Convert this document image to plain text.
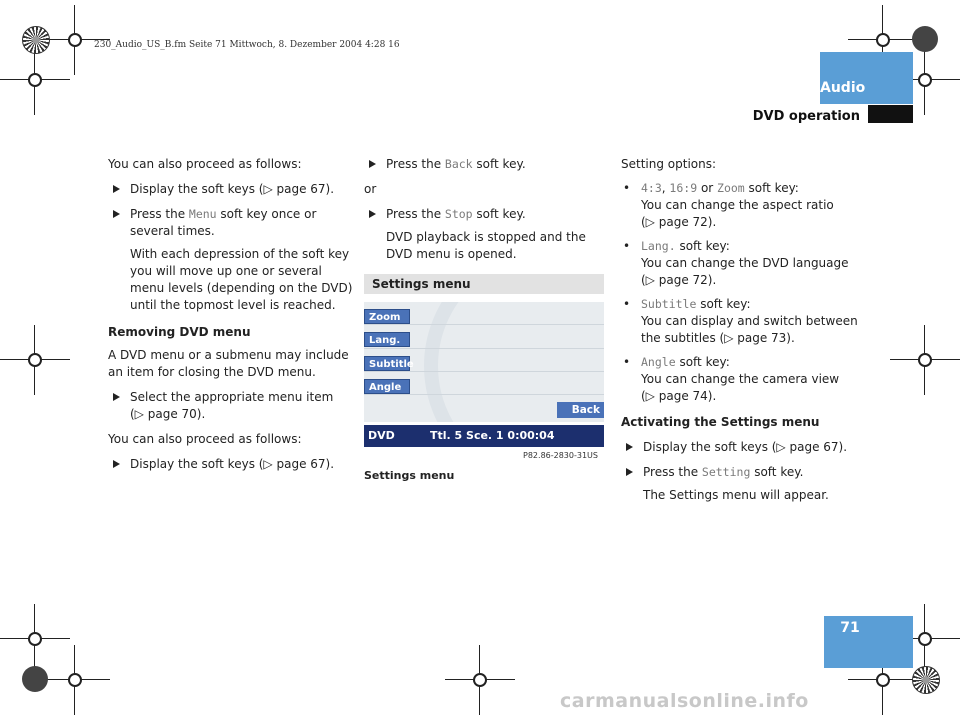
230_Audio_US_B.fm Seite 71 Mittwoch, 8. Dezember 2004 4:28 16
Audio
DVD operation
71

You can also proceed as follows:

Display the soft keys (▷ page 67).

Press the Menu soft key once or several times.

With each depression of the soft key you will move up one or several menu levels (depending on the DVD) until the topmost level is reached.

Removing DVD menu

A DVD menu or a submenu may include an item for closing the DVD menu.

Select the appropriate menu item
(▷ page 70).

You can also proceed as follows:

Display the soft keys (▷ page 67).

Press the Back soft key.

or

Press the Stop soft key.

DVD playback is stopped and the DVD menu is opened.

Settings menu
Zoom
Lang.
Subtitle
Angle
Back
DVD	Ttl. 5 Sce. 1 0:00:04
P82.86-2830-31US
Settings menu

Setting options:

• 4:3, 16:9 or Zoom soft key:
You can change the aspect ratio
(▷ page 72).

• Lang. soft key:
You can change the DVD language
(▷ page 72).

• Subtitle soft key:
You can display and switch between the subtitles (▷ page 73).

• Angle soft key:
You can change the camera view
(▷ page 74).

Activating the Settings menu

Display the soft keys (▷ page 67).

Press the Setting soft key.

The Settings menu will appear.

carmanualsonline.info
